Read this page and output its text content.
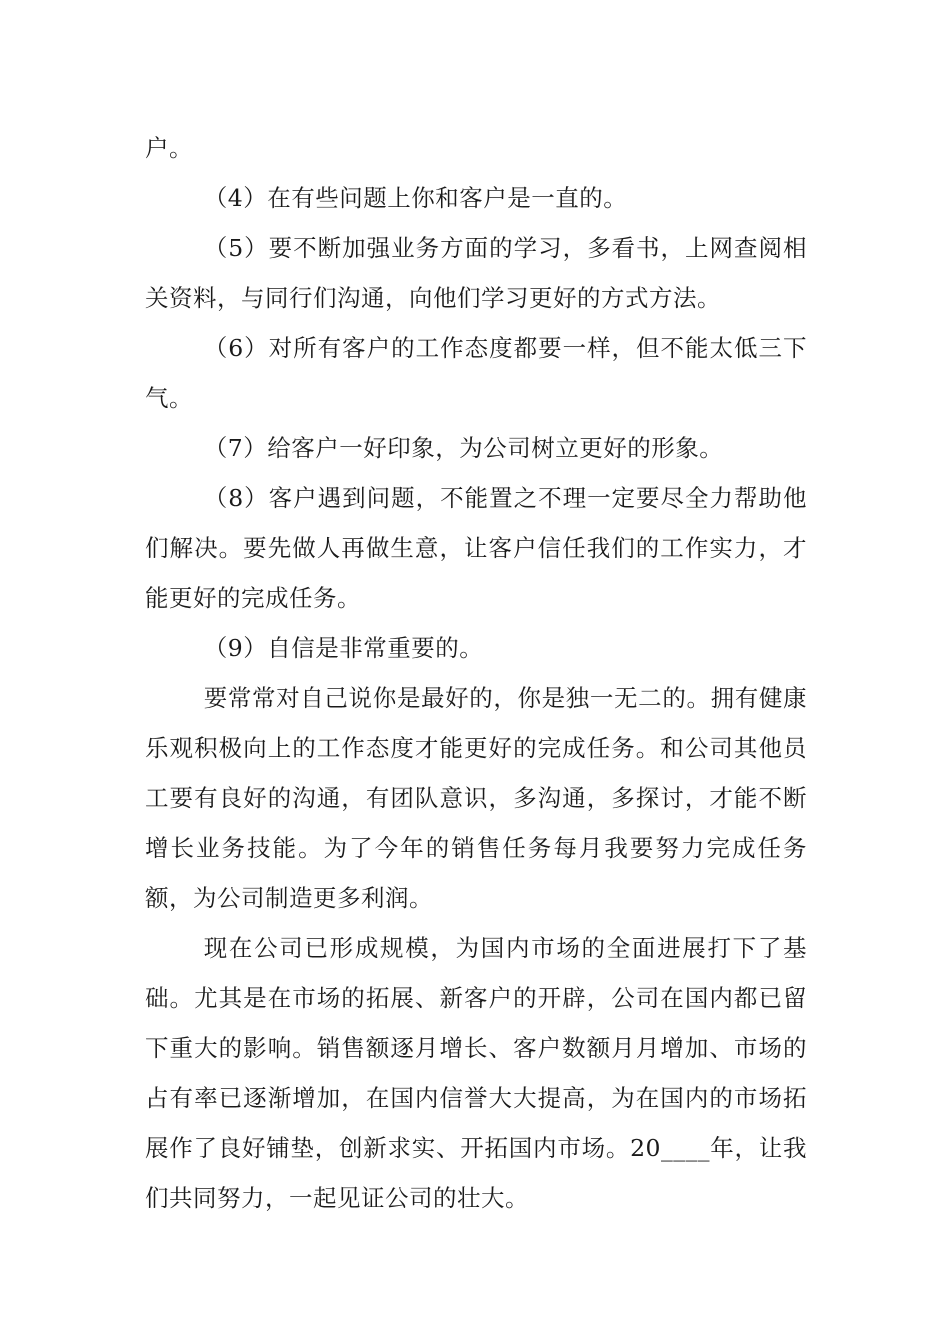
户。

（4）在有些问题上你和客户是一直的。

（5）要不断加强业务方面的学习，多看书，上网查阅相关资料，与同行们沟通，向他们学习更好的方式方法。

（6）对所有客户的工作态度都要一样，但不能太低三下气。

（7）给客户一好印象，为公司树立更好的形象。

（8）客户遇到问题，不能置之不理一定要尽全力帮助他们解决。要先做人再做生意，让客户信任我们的工作实力，才能更好的完成任务。

（9）自信是非常重要的。

要常常对自己说你是最好的，你是独一无二的。拥有健康乐观积极向上的工作态度才能更好的完成任务。和公司其他员工要有良好的沟通，有团队意识，多沟通，多探讨，才能不断增长业务技能。为了今年的销售任务每月我要努力完成任务额，为公司制造更多利润。

现在公司已形成规模，为国内市场的全面进展打下了基础。尤其是在市场的拓展、新客户的开辟，公司在国内都已留下重大的影响。销售额逐月增长、客户数额月月增加、市场的占有率已逐渐增加，在国内信誉大大提高，为在国内的市场拓展作了良好铺垫，创新求实、开拓国内市场。20____年，让我们共同努力，一起见证公司的壮大。
